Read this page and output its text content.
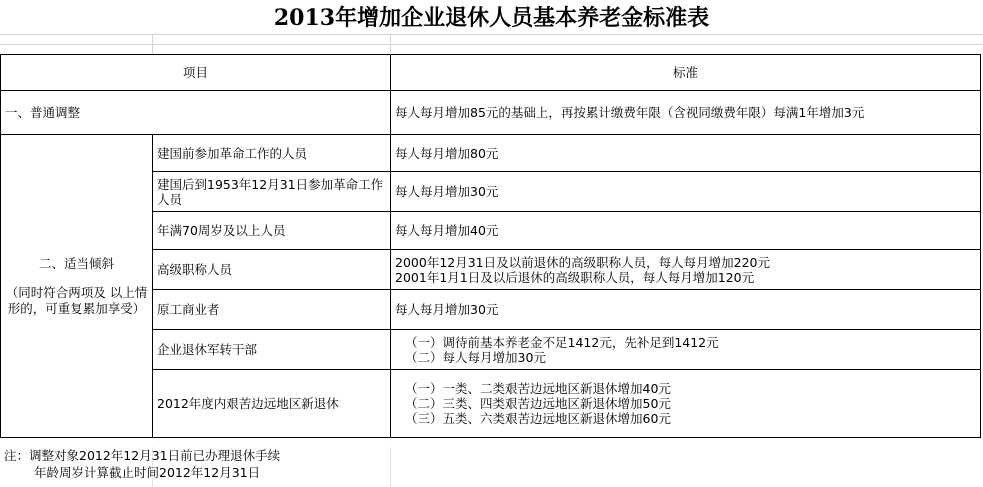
2013年增加企业退休人员基本养老金标准表
项目		标准
一、普通调整		每人每月增加85元的基础上，再按累计缴费年限（含视同缴费年限）每满1年增加3元

二、适当倾斜
（同时符合两项及 以上情形的，可重复累加享受）	建国前参加革命工作的人员	每人每月增加80元
	建国后到1953年12月31日参加革命工作人员	每人每月增加30元
	年满70周岁及以上人员	每人每月增加40元
	高级职称人员	2000年12月31日及以前退休的高级职称人员，每人每月增加220元
2001年1月1日及以后退休的高级职称人员，每人每月增加120元

	原工商业者	每人每月增加30元
	企业退休军转干部	（一）调待前基本养老金不足1412元，先补足到1412元
（二）每人每月增加30元

	2012年度内艰苦边远地区新退休	（一）一类、二类艰苦边远地区新退休增加40元
（二）三类、四类艰苦边远地区新退休增加50元
（三）五类、六类艰苦边远地区新退休增加60元
注：调整对象2012年12月31日前已办理退休手续
年龄周岁计算截止时间2012年12月31日
